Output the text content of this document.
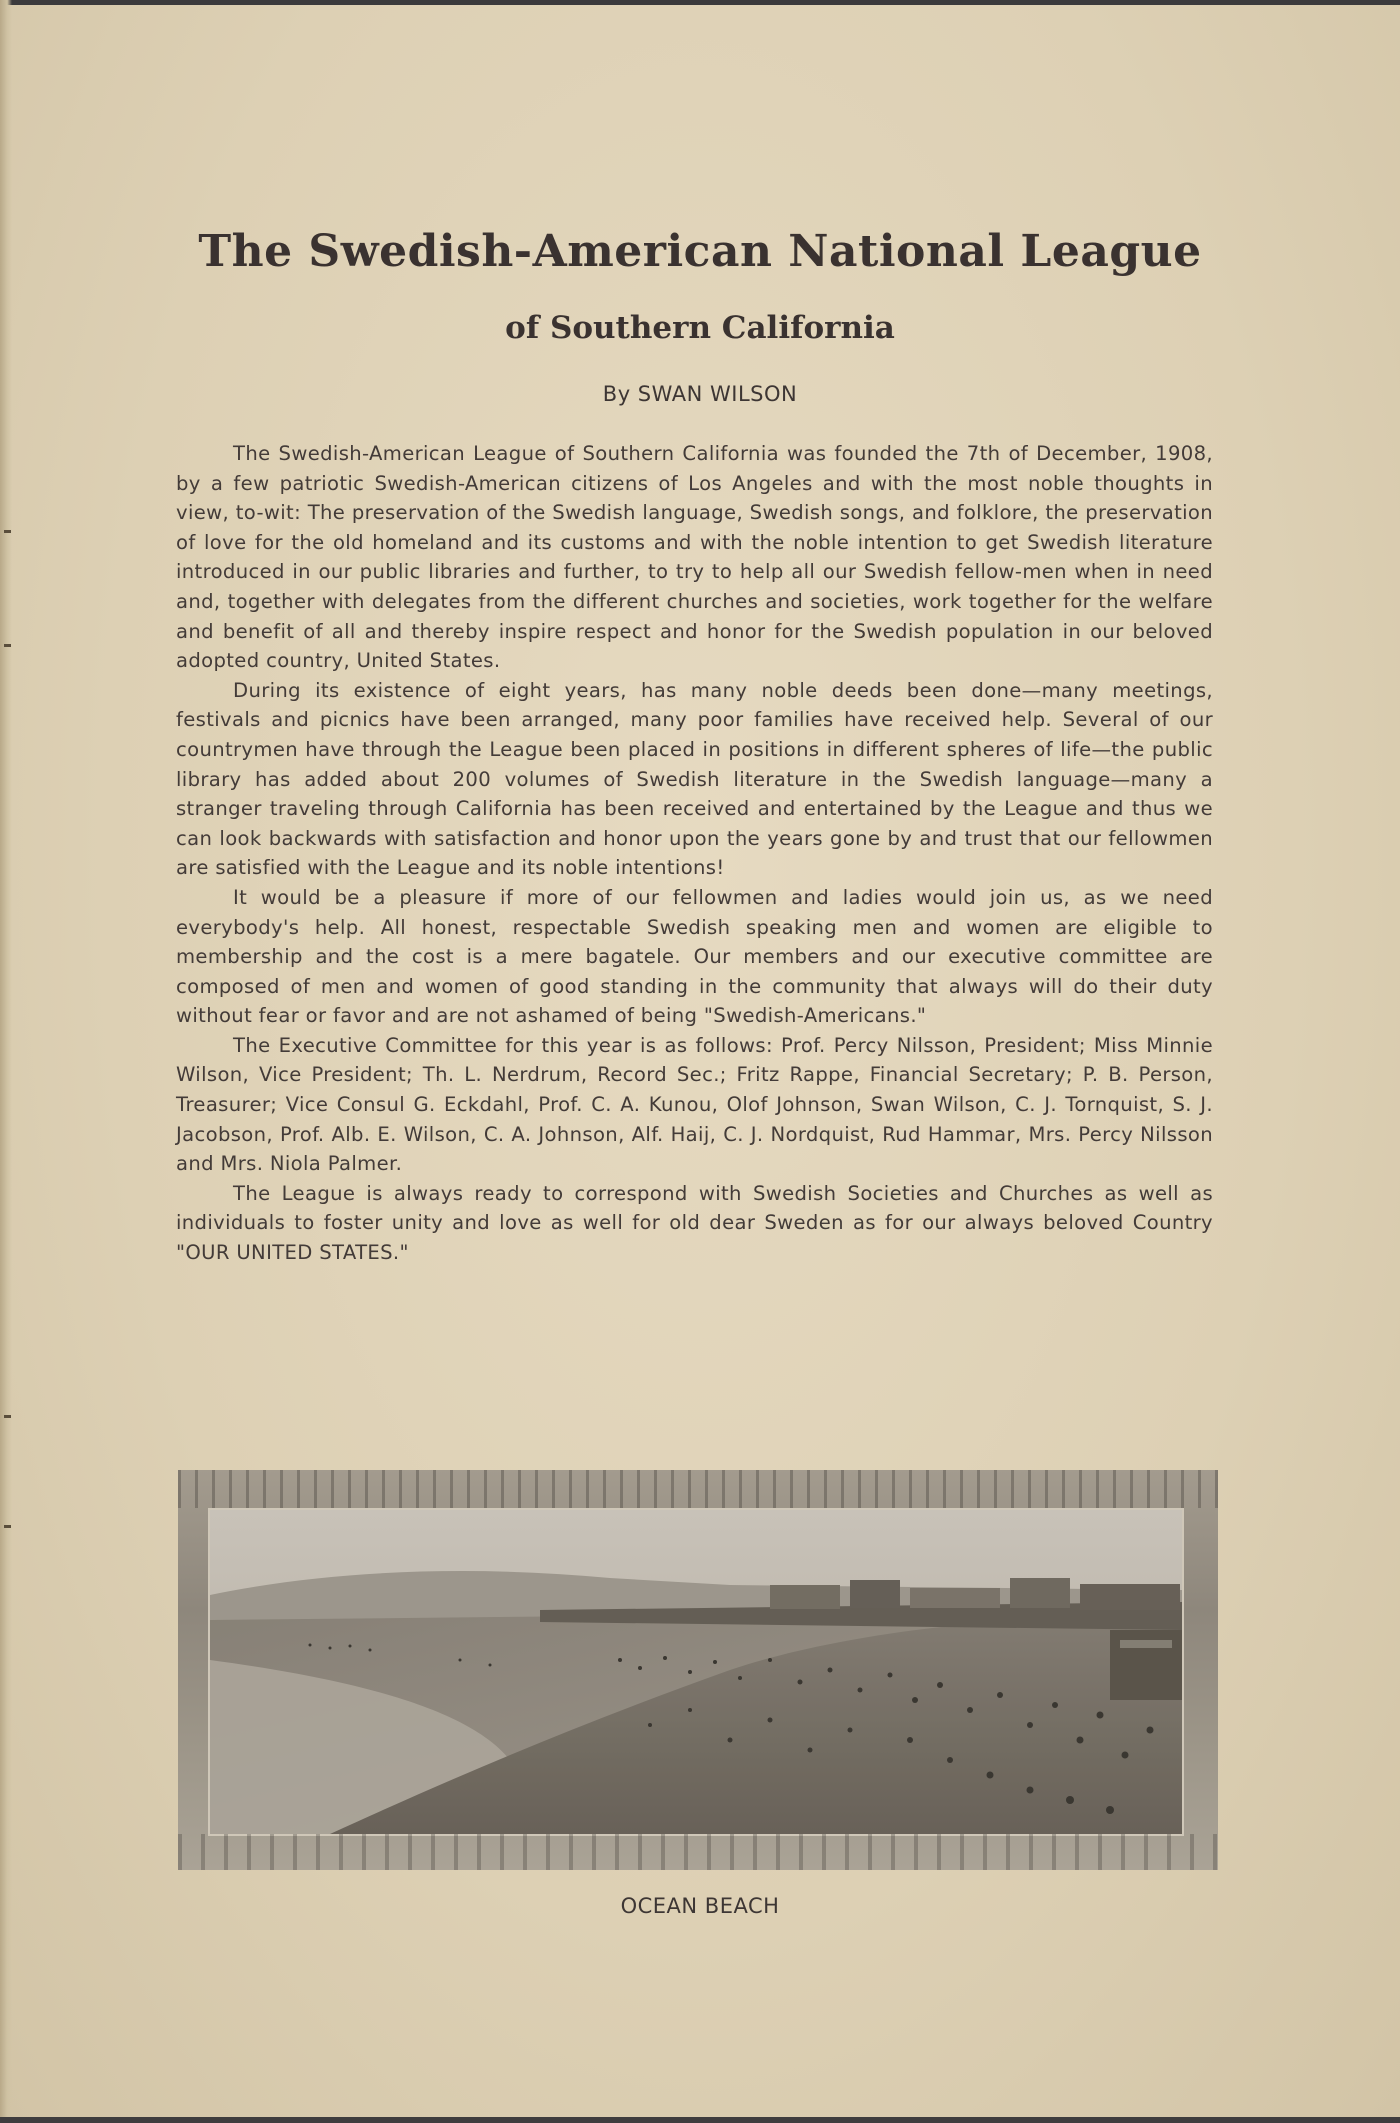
The Swedish-American National League
of Southern California
By SWAN WILSON

The Swedish-American League of Southern California was founded the 7th of December, 1908, by a few patriotic Swedish-American citizens of Los Angeles and with the most noble thoughts in view, to-wit: The preservation of the Swedish language, Swedish songs, and folklore, the preservation of love for the old homeland and its customs and with the noble intention to get Swedish literature introduced in our public libraries and further, to try to help all our Swedish fellow-men when in need and, together with delegates from the different churches and societies, work together for the welfare and benefit of all and thereby inspire respect and honor for the Swedish population in our beloved adopted country, United States.

During its existence of eight years, has many noble deeds been done—many meetings, festivals and picnics have been arranged, many poor families have received help. Several of our countrymen have through the League been placed in positions in different spheres of life—the public library has added about 200 volumes of Swedish literature in the Swedish language—many a stranger traveling through California has been received and entertained by the League and thus we can look backwards with satisfaction and honor upon the years gone by and trust that our fellowmen are satisfied with the League and its noble intentions!

It would be a pleasure if more of our fellowmen and ladies would join us, as we need everybody's help. All honest, respectable Swedish speaking men and women are eligible to membership and the cost is a mere bagatele. Our members and our executive committee are composed of men and women of good standing in the community that always will do their duty without fear or favor and are not ashamed of being "Swedish-Americans."

The Executive Committee for this year is as follows: Prof. Percy Nilsson, President; Miss Minnie Wilson, Vice President; Th. L. Nerdrum, Record Sec.; Fritz Rappe, Financial Secretary; P. B. Person, Treasurer; Vice Consul G. Eckdahl, Prof. C. A. Kunou, Olof Johnson, Swan Wilson, C. J. Tornquist, S. J. Jacobson, Prof. Alb. E. Wilson, C. A. Johnson, Alf. Haij, C. J. Nordquist, Rud Hammar, Mrs. Percy Nilsson and Mrs. Niola Palmer.

The League is always ready to correspond with Swedish Societies and Churches as well as individuals to foster unity and love as well for old dear Sweden as for our always beloved Country "OUR UNITED STATES."

OCEAN BEACH
